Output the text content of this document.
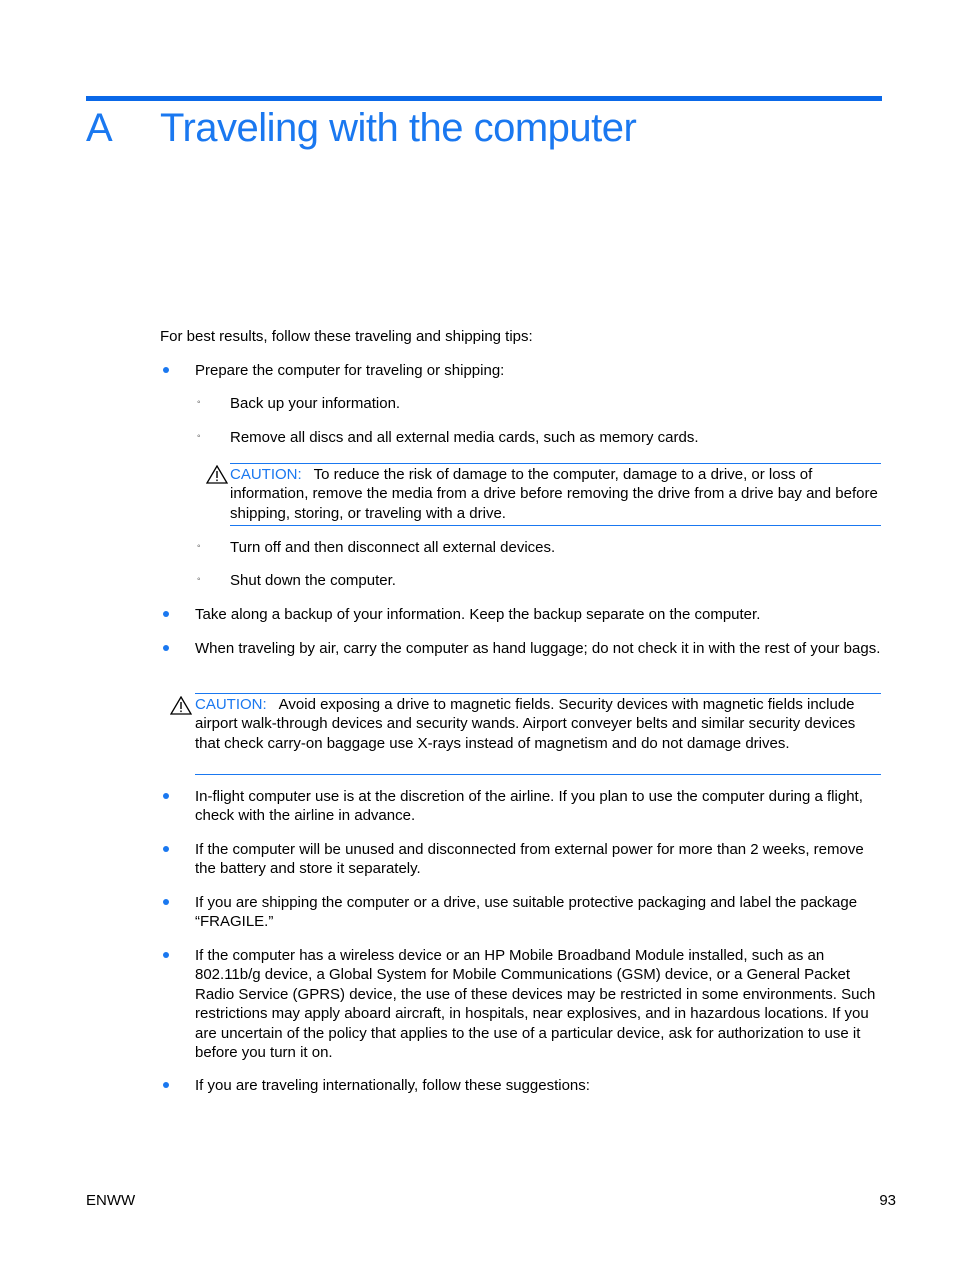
A Traveling with the computer
For best results, follow these traveling and shipping tips:
Prepare the computer for traveling or shipping:
◦ Back up your information.
◦ Remove all discs and all external media cards, such as memory cards.
CAUTION: To reduce the risk of damage to the computer, damage to a drive, or loss of information, remove the media from a drive before removing the drive from a drive bay and before shipping, storing, or traveling with a drive.
◦ Turn off and then disconnect all external devices.
◦ Shut down the computer.
Take along a backup of your information. Keep the backup separate on the computer.
When traveling by air, carry the computer as hand luggage; do not check it in with the rest of your bags.
CAUTION: Avoid exposing a drive to magnetic fields. Security devices with magnetic fields include airport walk-through devices and security wands. Airport conveyer belts and similar security devices that check carry-on baggage use X-rays instead of magnetism and do not damage drives.
In-flight computer use is at the discretion of the airline. If you plan to use the computer during a flight, check with the airline in advance.
If the computer will be unused and disconnected from external power for more than 2 weeks, remove the battery and store it separately.
If you are shipping the computer or a drive, use suitable protective packaging and label the package “FRAGILE.”
If the computer has a wireless device or an HP Mobile Broadband Module installed, such as an 802.11b/g device, a Global System for Mobile Communications (GSM) device, or a General Packet Radio Service (GPRS) device, the use of these devices may be restricted in some environments. Such restrictions may apply aboard aircraft, in hospitals, near explosives, and in hazardous locations. If you are uncertain of the policy that applies to the use of a particular device, ask for authorization to use it before you turn it on.
If you are traveling internationally, follow these suggestions:
ENWW	93
